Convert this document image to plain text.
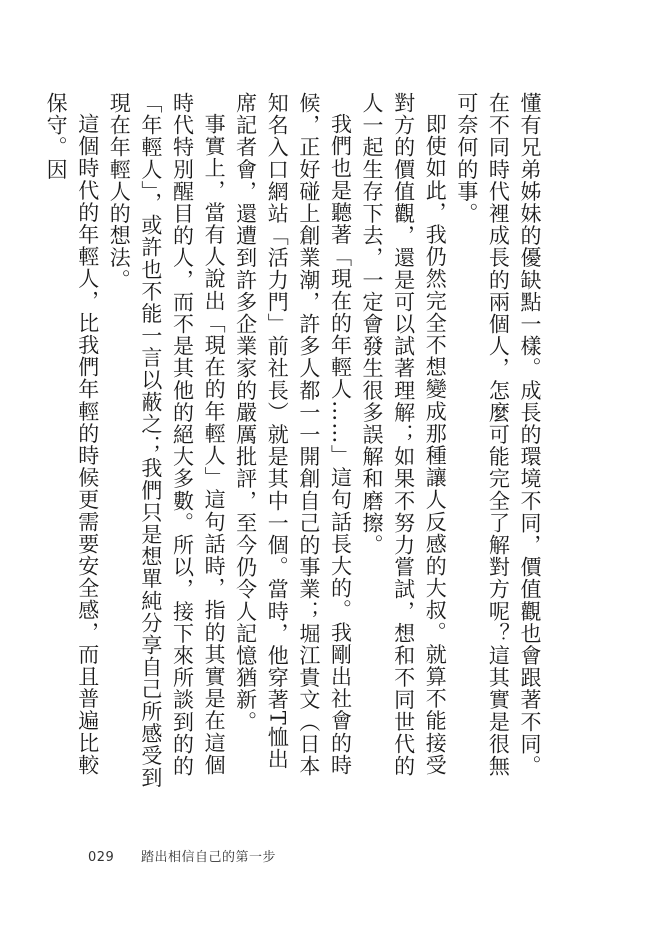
懂有兄弟姊妹的優缺點一樣。成長的環境不同，價值觀也會跟著不同。在不同時代裡成長的兩個人，怎麼可能完全了解對方呢？這其實是很無可奈何的事。

即使如此，我仍然完全不想變成那種讓人反感的大叔。就算不能接受對方的價值觀，還是可以試著理解；如果不努力嘗試，想和不同世代的人一起生存下去，一定會發生很多誤解和磨擦。

我們也是聽著「現在的年輕人……」這句話長大的。我剛出社會的時候，正好碰上創業潮，許多人都一一開創自己的事業；堀江貴文（日本知名入口網站「活力門」前社長）就是其中一個。當時，他穿著T恤出席記者會，還遭到許多企業家的嚴厲批評，至今仍令人記憶猶新。

事實上，當有人說出「現在的年輕人」這句話時，指的其實是在這個時代特別醒目的人，而不是其他的絕大多數。所以，接下來所談到的的「年輕人」，或許也不能一言以蔽之；我們只是想單純分享自己所感受到現在年輕人的想法。

這個時代的年輕人，比我們年輕的時候更需要安全感，而且普遍比較保守。因

029 踏出相信自己的第一步
